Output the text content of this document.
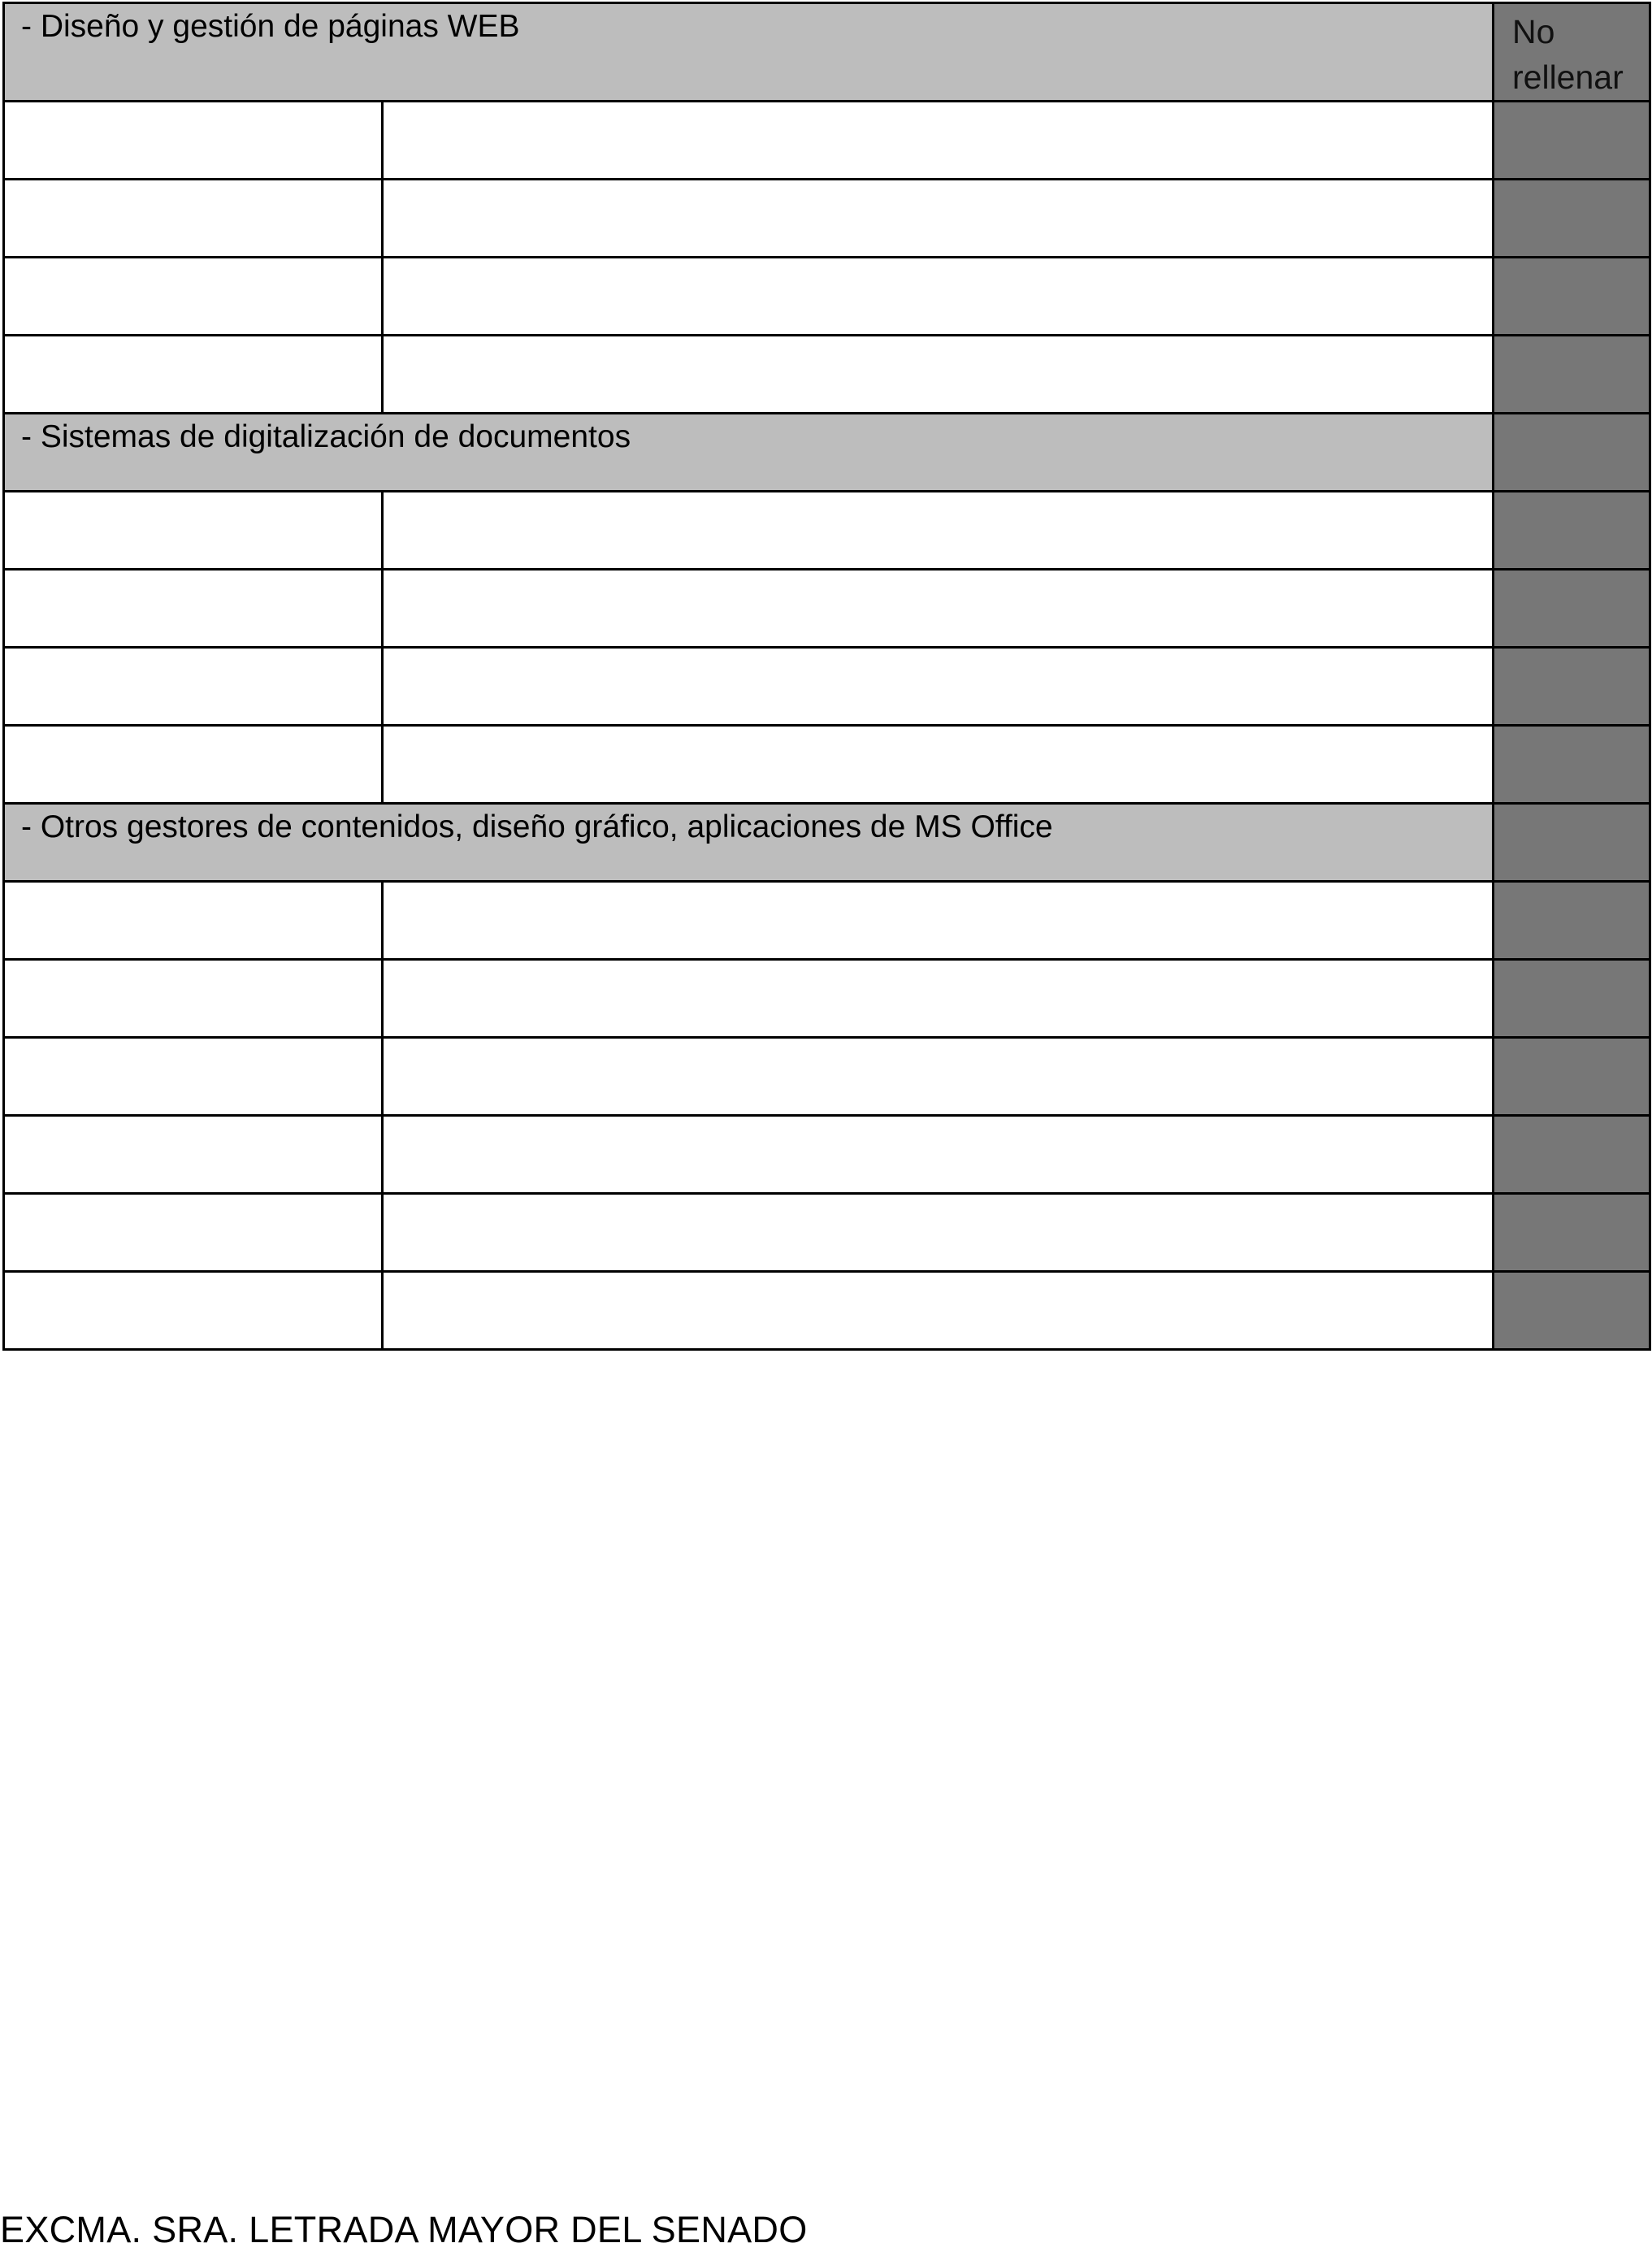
- Diseño y gestión de páginas WEB		No rellenar

- Sistemas de digitalización de documentos		

- Otros gestores de contenidos, diseño gráfico, aplicaciones de MS Office		

EXCMA. SRA. LETRADA MAYOR DEL SENADO
